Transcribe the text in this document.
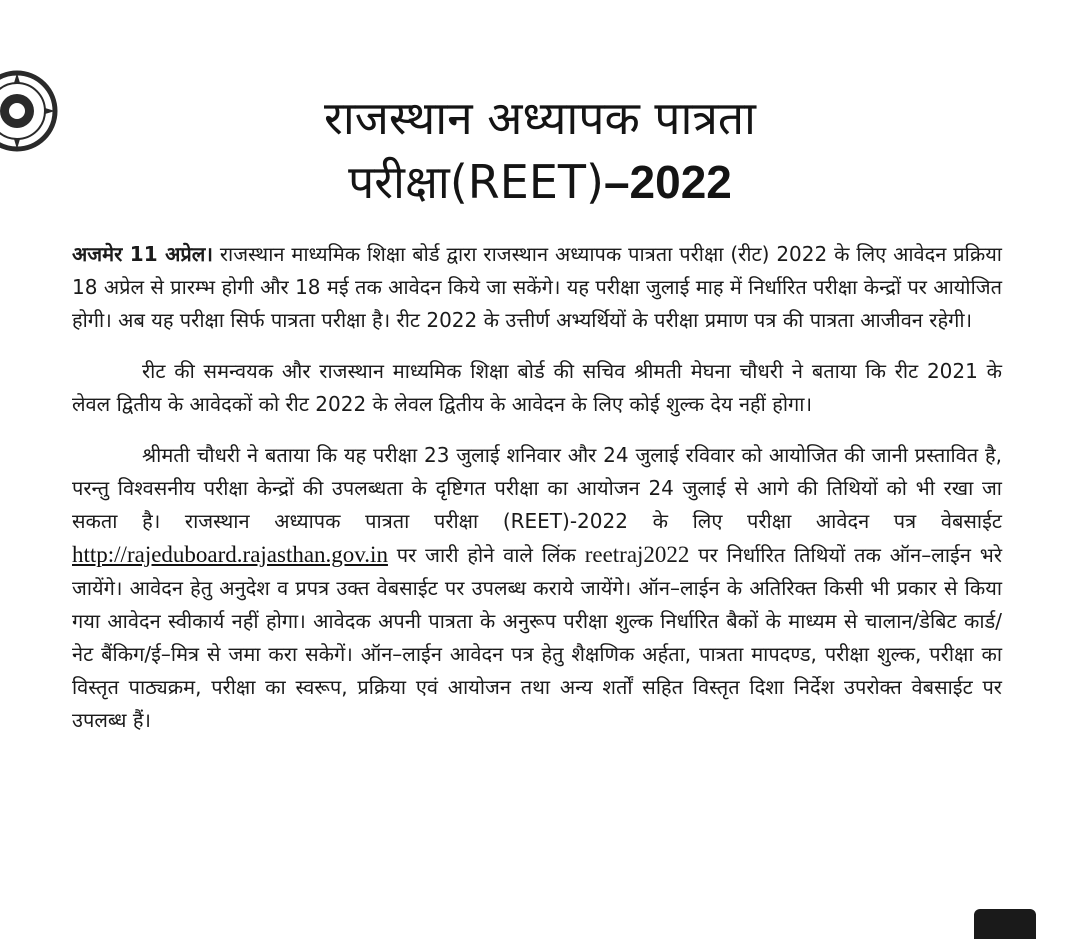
राजस्थान अध्यापक पात्रता
परीक्षा(REET)–2022

अजमेर 11 अप्रेल। राजस्थान माध्यमिक शिक्षा बोर्ड द्वारा राजस्थान अध्यापक पात्रता परीक्षा (रीट) 2022 के लिए आवेदन प्रक्रिया 18 अप्रेल से प्रारम्भ होगी और 18 मई तक आवेदन किये जा सकेंगे। यह परीक्षा जुलाई माह में निर्धारित परीक्षा केन्द्रों पर आयोजित होगी। अब यह परीक्षा सिर्फ पात्रता परीक्षा है। रीट 2022 के उत्तीर्ण अभ्यर्थियों के परीक्षा प्रमाण पत्र की पात्रता आजीवन रहेगी।

रीट की समन्वयक और राजस्थान माध्यमिक शिक्षा बोर्ड की सचिव श्रीमती मेघना चौधरी ने बताया कि रीट 2021 के लेवल द्वितीय के आवेदकों को रीट 2022 के लेवल द्वितीय के आवेदन के लिए कोई शुल्क देय नहीं होगा।

श्रीमती चौधरी ने बताया कि यह परीक्षा 23 जुलाई शनिवार और 24 जुलाई रविवार को आयोजित की जानी प्रस्तावित है, परन्तु विश्वसनीय परीक्षा केन्द्रों की उपलब्धता के दृष्टिगत परीक्षा का आयोजन 24 जुलाई से आगे की तिथियों को भी रखा जा सकता है। राजस्थान अध्यापक पात्रता परीक्षा (REET)-2022 के लिए परीक्षा आवेदन पत्र वेबसाईट http://rajeduboard.rajasthan.gov.in पर जारी होने वाले लिंक reetraj2022 पर निर्धारित तिथियों तक ऑन–लाईन भरे जायेंगे। आवेदन हेतु अनुदेश व प्रपत्र उक्त वेबसाईट पर उपलब्ध कराये जायेंगे। ऑन–लाईन के अतिरिक्त किसी भी प्रकार से किया गया आवेदन स्वीकार्य नहीं होगा। आवेदक अपनी पात्रता के अनुरूप परीक्षा शुल्क निर्धारित बैकों के माध्यम से चालान/डेबिट कार्ड/नेट बैंकिग/ई–मित्र से जमा करा सकेगें। ऑन–लाईन आवेदन पत्र हेतु शैक्षणिक अर्हता, पात्रता मापदण्ड, परीक्षा शुल्क, परीक्षा का विस्तृत पाठ्यक्रम, परीक्षा का स्वरूप, प्रक्रिया एवं आयोजन तथा अन्य शर्तों सहित विस्तृत दिशा निर्देश उपरोक्त वेबसाईट पर उपलब्ध हैं।
